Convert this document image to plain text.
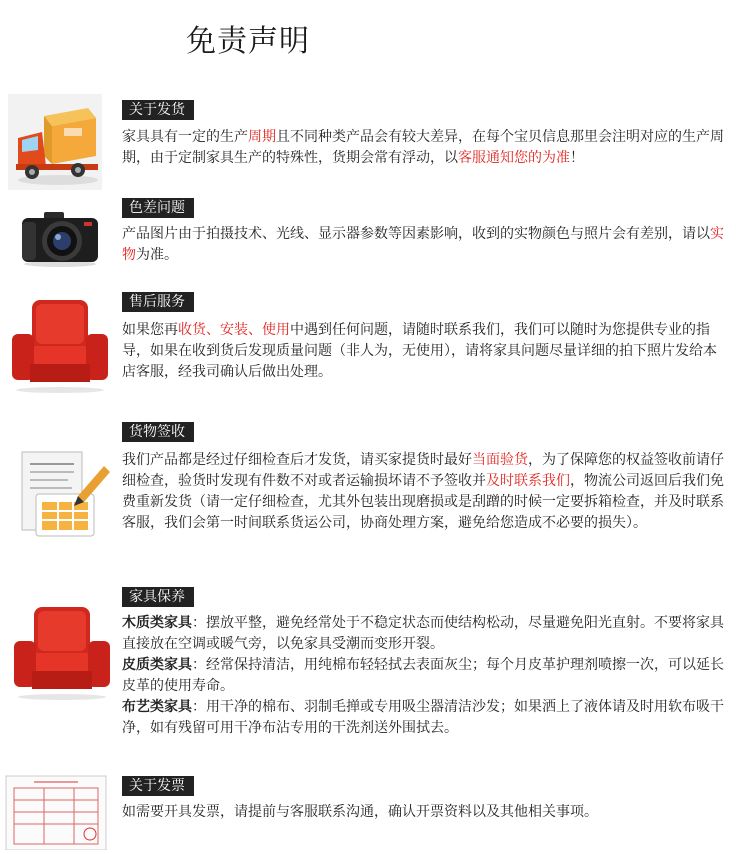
免责声明
关于发货
家具具有一定的生产周期且不同种类产品会有较大差异，在每个宝贝信息那里会注明对应的生产周期，由于定制家具生产的特殊性，货期会常有浮动，以客服通知您的为准！
色差问题
产品图片由于拍摄技术、光线、显示器参数等因素影响，收到的实物颜色与照片会有差别，请以实物为准。
售后服务
如果您再收货、安装、使用中遇到任何问题，请随时联系我们，我们可以随时为您提供专业的指导，如果在收到货后发现质量问题（非人为，无使用），请将家具问题尽量详细的拍下照片发给本店客服，经我司确认后做出处理。
货物签收
我们产品都是经过仔细检查后才发货，请买家提货时最好当面验货，为了保障您的权益签收前请仔细检查，验货时发现有件数不对或者运输损坏请不予签收并及时联系我们，物流公司返回后我们免费重新发货（请一定仔细检查，尤其外包装出现磨损或是刮蹭的时候一定要拆箱检查，并及时联系客服，我们会第一时间联系货运公司，协商处理方案，避免给您造成不必要的损失）。
家具保养

木质类家具：摆放平整，避免经常处于不稳定状态而使结构松动，尽量避免阳光直射。不要将家具直接放在空调或暖气旁，以免家具受潮而变形开裂。

皮质类家具：经常保持清洁，用纯棉布轻轻拭去表面灰尘；每个月皮革护理剂喷擦一次，可以延长皮革的使用寿命。

布艺类家具：用干净的棉布、羽制毛掸或专用吸尘器清洁沙发；如果洒上了液体请及时用软布吸干净，如有残留可用干净布沾专用的干洗剂送外围拭去。

关于发票
如需要开具发票，请提前与客服联系沟通，确认开票资料以及其他相关事项。
